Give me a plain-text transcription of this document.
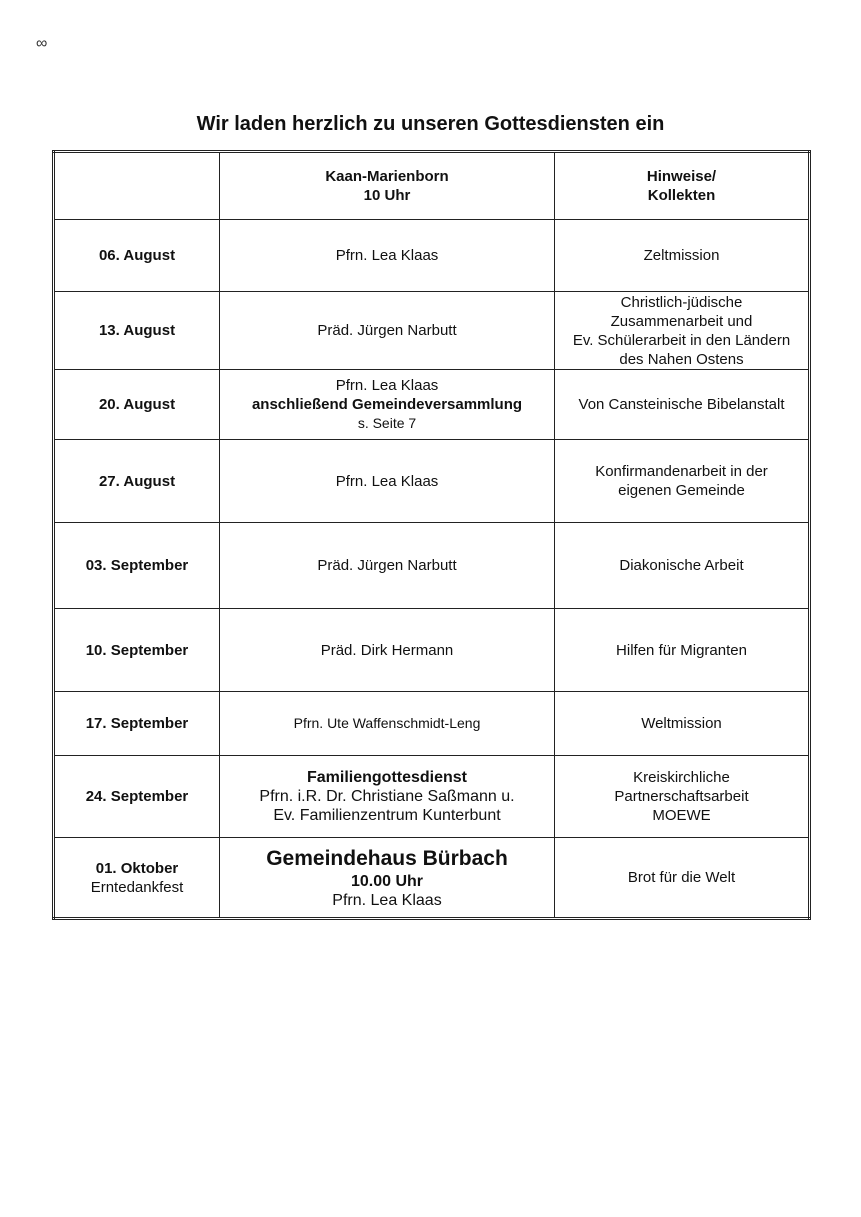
∞
Wir laden herzlich zu unseren Gottesdiensten ein

	Kaan-Marienborn
10 Uhr	Hinweise/
Kollekten

06. August	Pfrn. Lea Klaas	Zeltmission

13. August	Präd. Jürgen Narbutt	Christlich-jüdische
Zusammenarbeit und
Ev. Schülerarbeit in den Ländern
des Nahen Ostens

20. August	Pfrn. Lea Klaas
anschließend Gemeindeversammlung
s. Seite 7	Von Cansteinische Bibelanstalt

27. August	Pfrn. Lea Klaas	Konfirmandenarbeit in der
eigenen Gemeinde

03. September	Präd. Jürgen Narbutt	Diakonische Arbeit

10. September	Präd. Dirk Hermann	Hilfen für Migranten

17. September	Pfrn. Ute Waffenschmidt-Leng	Weltmission

24. September	Familiengottesdienst
Pfrn. i.R. Dr. Christiane Saßmann u.
Ev. Familienzentrum Kunterbunt	Kreiskirchliche
Partnerschaftsarbeit
MOEWE

01. Oktober
Erntedankfest	Gemeindehaus Bürbach
10.00 Uhr
Pfrn. Lea Klaas	Brot für die Welt
